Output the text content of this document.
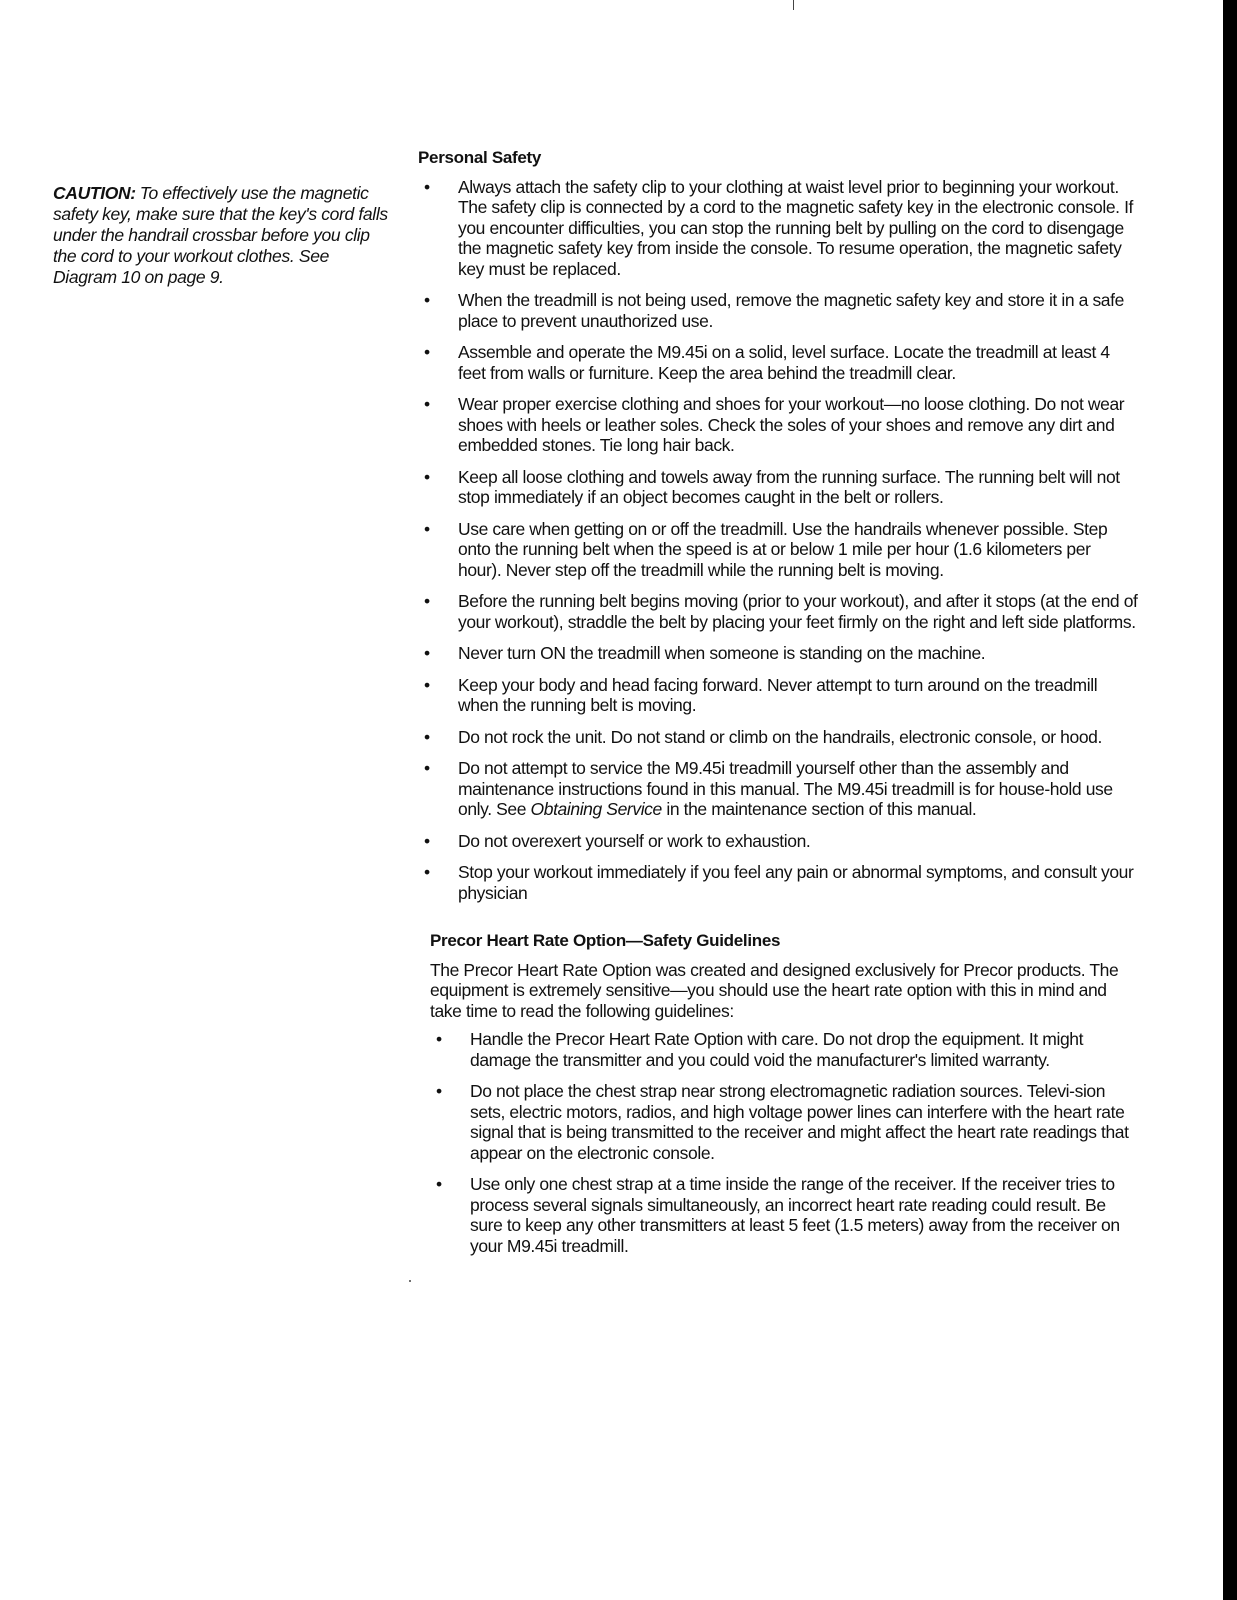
CAUTION: To effectively use the magnetic safety key, make sure that the key's cord falls under the handrail crossbar before you clip the cord to your workout clothes. See Diagram 10 on page 9.
Personal Safety
• Always attach the safety clip to your clothing at waist level prior to beginning your workout. The safety clip is connected by a cord to the magnetic safety key in the electronic console. If you encounter difficulties, you can stop the running belt by pulling on the cord to disengage the magnetic safety key from inside the console. To resume operation, the magnetic safety key must be replaced.
• When the treadmill is not being used, remove the magnetic safety key and store it in a safe place to prevent unauthorized use.
• Assemble and operate the M9.45i on a solid, level surface. Locate the treadmill at least 4 feet from walls or furniture. Keep the area behind the treadmill clear.
• Wear proper exercise clothing and shoes for your workout—no loose clothing. Do not wear shoes with heels or leather soles. Check the soles of your shoes and remove any dirt and embedded stones. Tie long hair back.
• Keep all loose clothing and towels away from the running surface. The running belt will not stop immediately if an object becomes caught in the belt or rollers.
• Use care when getting on or off the treadmill. Use the handrails whenever possible. Step onto the running belt when the speed is at or below 1 mile per hour (1.6 kilometers per hour). Never step off the treadmill while the running belt is moving.
• Before the running belt begins moving (prior to your workout), and after it stops (at the end of your workout), straddle the belt by placing your feet firmly on the right and left side platforms.
• Never turn ON the treadmill when someone is standing on the machine.
• Keep your body and head facing forward. Never attempt to turn around on the treadmill when the running belt is moving.
• Do not rock the unit. Do not stand or climb on the handrails, electronic console, or hood.
• Do not attempt to service the M9.45i treadmill yourself other than the assembly and maintenance instructions found in this manual. The M9.45i treadmill is for house-hold use only. See Obtaining Service in the maintenance section of this manual.
• Do not overexert yourself or work to exhaustion.
• Stop your workout immediately if you feel any pain or abnormal symptoms, and consult your physician
Precor Heart Rate Option—Safety Guidelines
The Precor Heart Rate Option was created and designed exclusively for Precor products. The equipment is extremely sensitive—you should use the heart rate option with this in mind and take time to read the following guidelines:
• Handle the Precor Heart Rate Option with care. Do not drop the equipment. It might damage the transmitter and you could void the manufacturer's limited warranty.
• Do not place the chest strap near strong electromagnetic radiation sources. Televi-sion sets, electric motors, radios, and high voltage power lines can interfere with the heart rate signal that is being transmitted to the receiver and might affect the heart rate readings that appear on the electronic console.
• Use only one chest strap at a time inside the range of the receiver. If the receiver tries to process several signals simultaneously, an incorrect heart rate reading could result. Be sure to keep any other transmitters at least 5 feet (1.5 meters) away from the receiver on your M9.45i treadmill.
